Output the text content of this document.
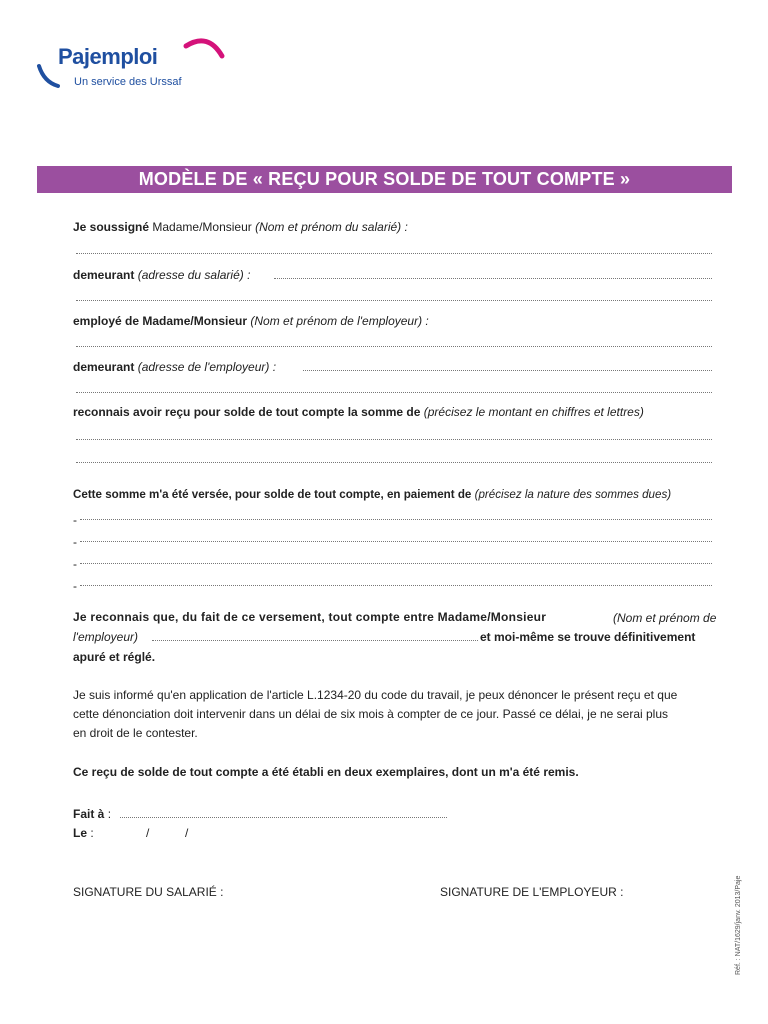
Pajemploi
Un service des Urssaf
MODÈLE DE « REÇU POUR SOLDE DE TOUT COMPTE »
Je soussigné Madame/Monsieur (Nom et prénom du salarié) :
demeurant (adresse du salarié) :
employé de Madame/Monsieur (Nom et prénom de l'employeur) :
demeurant (adresse de l'employeur) :
reconnais avoir reçu pour solde de tout compte la somme de (précisez le montant en chiffres et lettres)
Cette somme m'a été versée, pour solde de tout compte, en paiement de (précisez la nature des sommes dues)
-
-
-
-
Je reconnais que, du fait de ce versement, tout compte entre Madame/Monsieur	(Nom et prénom de
l'employeur)	et moi-même se trouve définitivement
apuré et réglé.
Je suis informé qu'en application de l'article L.1234-20 du code du travail, je peux dénoncer le présent reçu et que
cette dénonciation doit intervenir dans un délai de six mois à compter de ce jour. Passé ce délai, je ne serai plus
en droit de le contester.
Ce reçu de solde de tout compte a été établi en deux exemplaires, dont un m'a été remis.
Fait à :
Le :	/	/
SIGNATURE DU SALARIÉ :	SIGNATURE DE L'EMPLOYEUR :	Réf. : NAT/1629/janv. 2013/Paje
